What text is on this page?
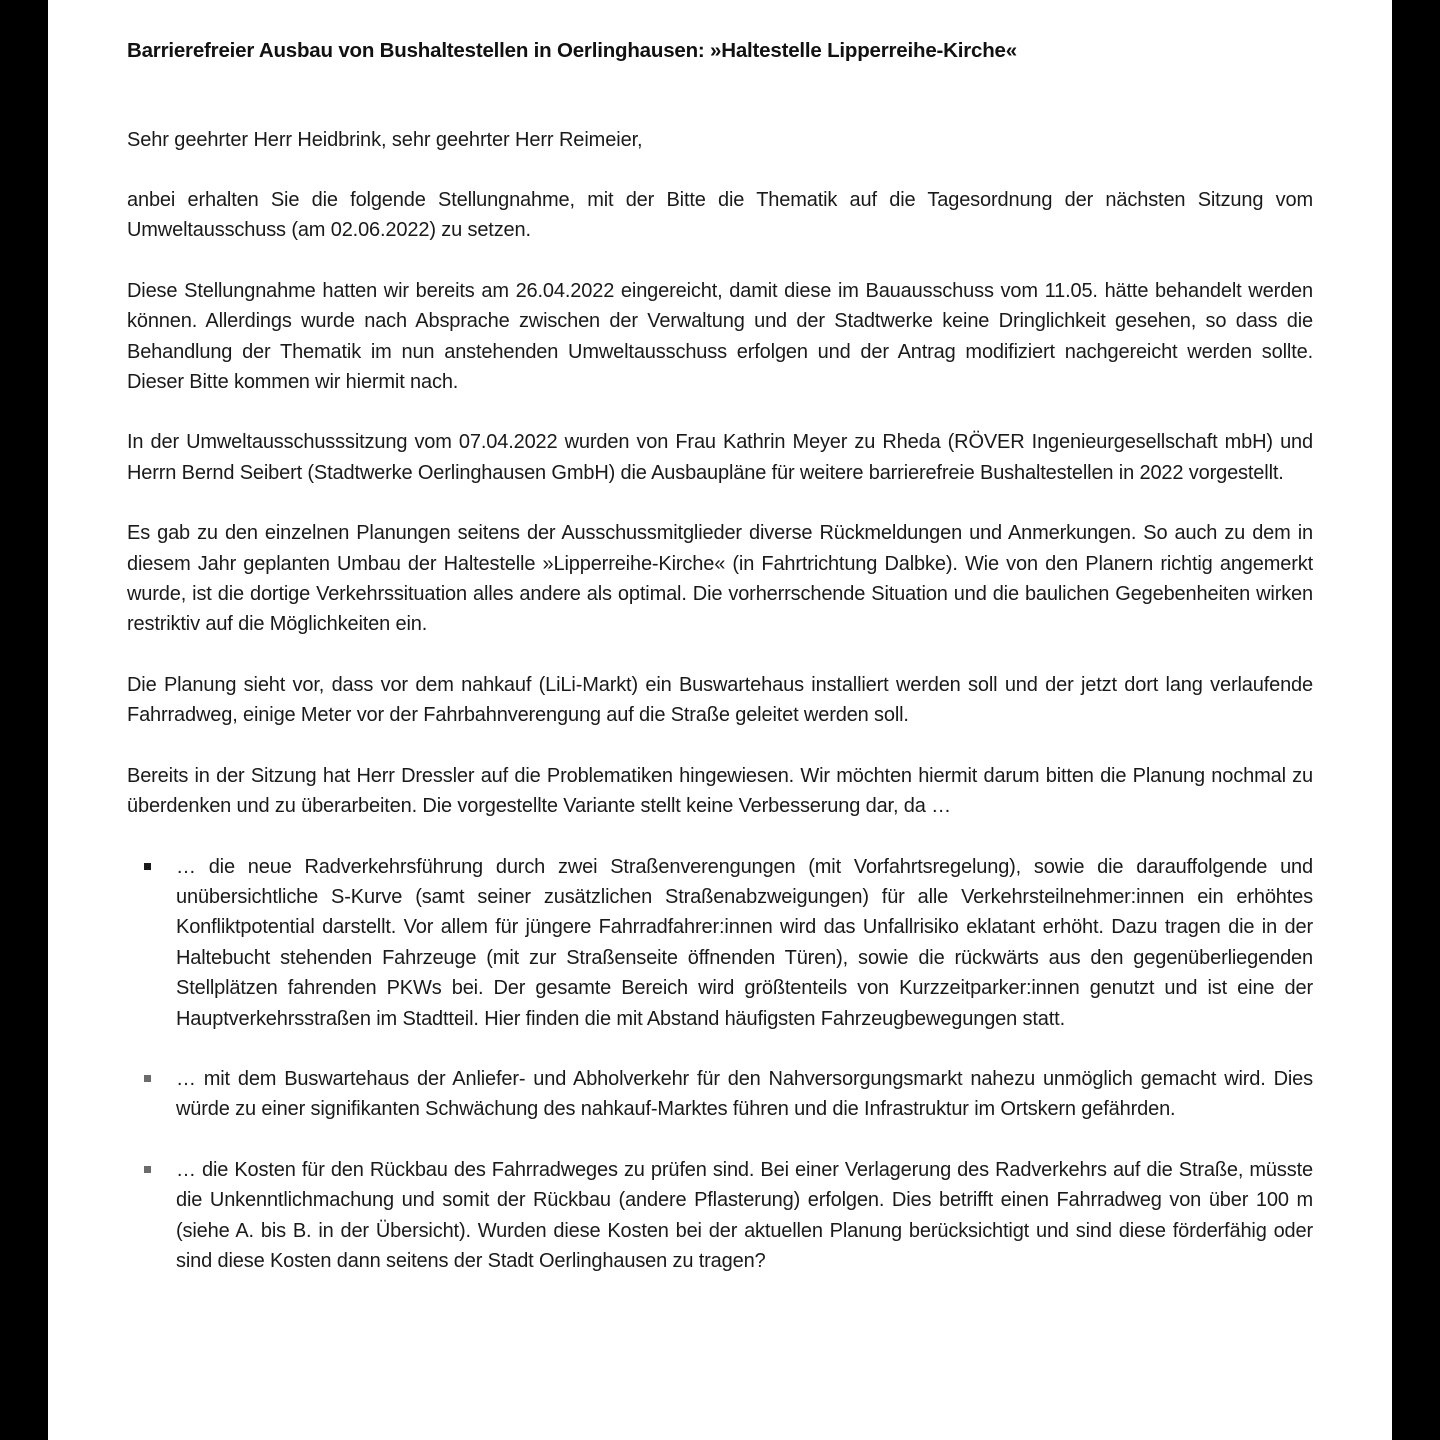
Barrierefreier Ausbau von Bushaltestellen in Oerlinghausen: »Haltestelle Lipperreihe-Kirche«

Sehr geehrter Herr Heidbrink, sehr geehrter Herr Reimeier,

anbei erhalten Sie die folgende Stellungnahme, mit der Bitte die Thematik auf die Tagesordnung der nächsten Sitzung vom Umweltausschuss (am 02.06.2022) zu setzen.

Diese Stellungnahme hatten wir bereits am 26.04.2022 eingereicht, damit diese im Bauausschuss vom 11.05. hätte behandelt werden können. Allerdings wurde nach Absprache zwischen der Verwaltung und der Stadtwerke keine Dringlichkeit gesehen, so dass die Behandlung der Thematik im nun anstehenden Umweltausschuss erfolgen und der Antrag modifiziert nachgereicht werden sollte. Dieser Bitte kommen wir hiermit nach.

In der Umweltausschusssitzung vom 07.04.2022 wurden von Frau Kathrin Meyer zu Rheda (RÖVER Ingenieurgesellschaft mbH) und Herrn Bernd Seibert (Stadtwerke Oerlinghausen GmbH) die Ausbaupläne für weitere barrierefreie Bushaltestellen in 2022 vorgestellt.

Es gab zu den einzelnen Planungen seitens der Ausschussmitglieder diverse Rückmeldungen und Anmerkungen. So auch zu dem in diesem Jahr geplanten Umbau der Haltestelle »Lipperreihe-Kirche« (in Fahrtrichtung Dalbke). Wie von den Planern richtig angemerkt wurde, ist die dortige Verkehrssituation alles andere als optimal. Die vorherrschende Situation und die baulichen Gegebenheiten wirken restriktiv auf die Möglichkeiten ein.

Die Planung sieht vor, dass vor dem nahkauf (LiLi-Markt) ein Buswartehaus installiert werden soll und der jetzt dort lang verlaufende Fahrradweg, einige Meter vor der Fahrbahnverengung auf die Straße geleitet werden soll.

Bereits in der Sitzung hat Herr Dressler auf die Problematiken hingewiesen. Wir möchten hiermit darum bitten die Planung nochmal zu überdenken und zu überarbeiten. Die vorgestellte Variante stellt keine Verbesserung dar, da …

… die neue Radverkehrsführung durch zwei Straßenverengungen (mit Vorfahrtsregelung), sowie die darauffolgende und unübersichtliche S-Kurve (samt seiner zusätzlichen Straßenabzweigungen) für alle Verkehrsteilnehmer:innen ein erhöhtes Konfliktpotential darstellt. Vor allem für jüngere Fahrradfahrer:innen wird das Unfallrisiko eklatant erhöht. Dazu tragen die in der Haltebucht stehenden Fahrzeuge (mit zur Straßenseite öffnenden Türen), sowie die rückwärts aus den gegenüberliegenden Stellplätzen fahrenden PKWs bei. Der gesamte Bereich wird größtenteils von Kurzzeitparker:innen genutzt und ist eine der Hauptverkehrsstraßen im Stadtteil. Hier finden die mit Abstand häufigsten Fahrzeugbewegungen statt.
… mit dem Buswartehaus der Anliefer- und Abholverkehr für den Nahversorgungsmarkt nahezu unmöglich gemacht wird. Dies würde zu einer signifikanten Schwächung des nahkauf-Marktes führen und die Infrastruktur im Ortskern gefährden.
… die Kosten für den Rückbau des Fahrradweges zu prüfen sind. Bei einer Verlagerung des Radverkehrs auf die Straße, müsste die Unkenntlichmachung und somit der Rückbau (andere Pflasterung) erfolgen. Dies betrifft einen Fahrradweg von über 100 m (siehe A. bis B. in der Übersicht). Wurden diese Kosten bei der aktuellen Planung berücksichtigt und sind diese förderfähig oder sind diese Kosten dann seitens der Stadt Oerlinghausen zu tragen?
